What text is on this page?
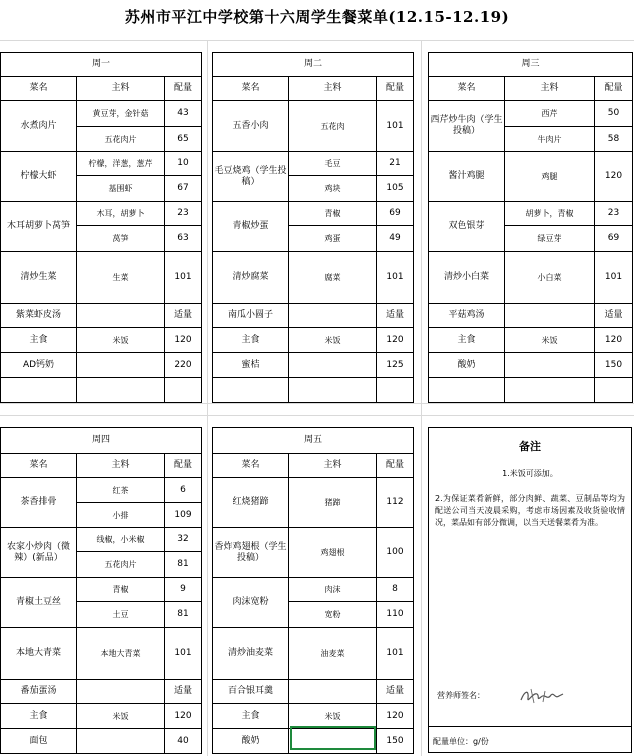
苏州市平江中学校第十六周学生餐菜单(12.15-12.19)
周一		
菜名	主料	配量
水煮肉片	黄豆芽，金针菇	43
	五花肉片	65
柠檬大虾	柠檬，洋葱，葱芹	10
	基围虾	67
木耳胡萝卜莴笋	木耳，胡萝卜	23
	莴笋	63
清炒生菜	生菜	101
紫菜虾皮汤		适量
主食	米饭	120
AD钙奶		220

周二		
菜名	主料	配量
五香小肉	五花肉	101
毛豆烧鸡（学生投稿）	毛豆	21
	鸡块	105
青椒炒蛋	青椒	69
	鸡蛋	49
清炒腐菜	腐菜	101
南瓜小圆子		适量
主食	米饭	120
蜜桔		125

周三		
菜名	主料	配量
西芹炒牛肉（学生投稿）	西芹	50
	牛肉片	58
酱汁鸡腿	鸡腿	120
双色银芽	胡萝卜，青椒	23
	绿豆芽	69
清炒小白菜	小白菜	101
平菇鸡汤		适量
主食	米饭	120
酸奶		150

周四		
菜名	主料	配量
茶香排骨	红茶	6
	小排	109
农家小炒肉（微辣）(新品）	线椒，小米椒	32
	五花肉片	81
青椒土豆丝	青椒	9
	土豆	81
本地大青菜	本地大青菜	101
番茄蛋汤		适量
主食	米饭	120
面包		40
周五		
菜名	主料	配量
红烧猪蹄	猪蹄	112
香炸鸡翅根（学生投稿）	鸡翅根	100
肉沫宽粉	肉沫	8
	宽粉	110
清炒油麦菜	油麦菜	101
百合银耳羹		适量
主食	米饭	120
酸奶		150
备注
1.米饭可添加。
2.为保证菜肴新鲜，部分肉鲜、蔬菜、豆制品等均为配送公司当天凌晨采购，考虑市场因素及收货验收情况，菜品如有部分微调，以当天送餐菜肴为准。
营养师签名：
配量单位：g/份
